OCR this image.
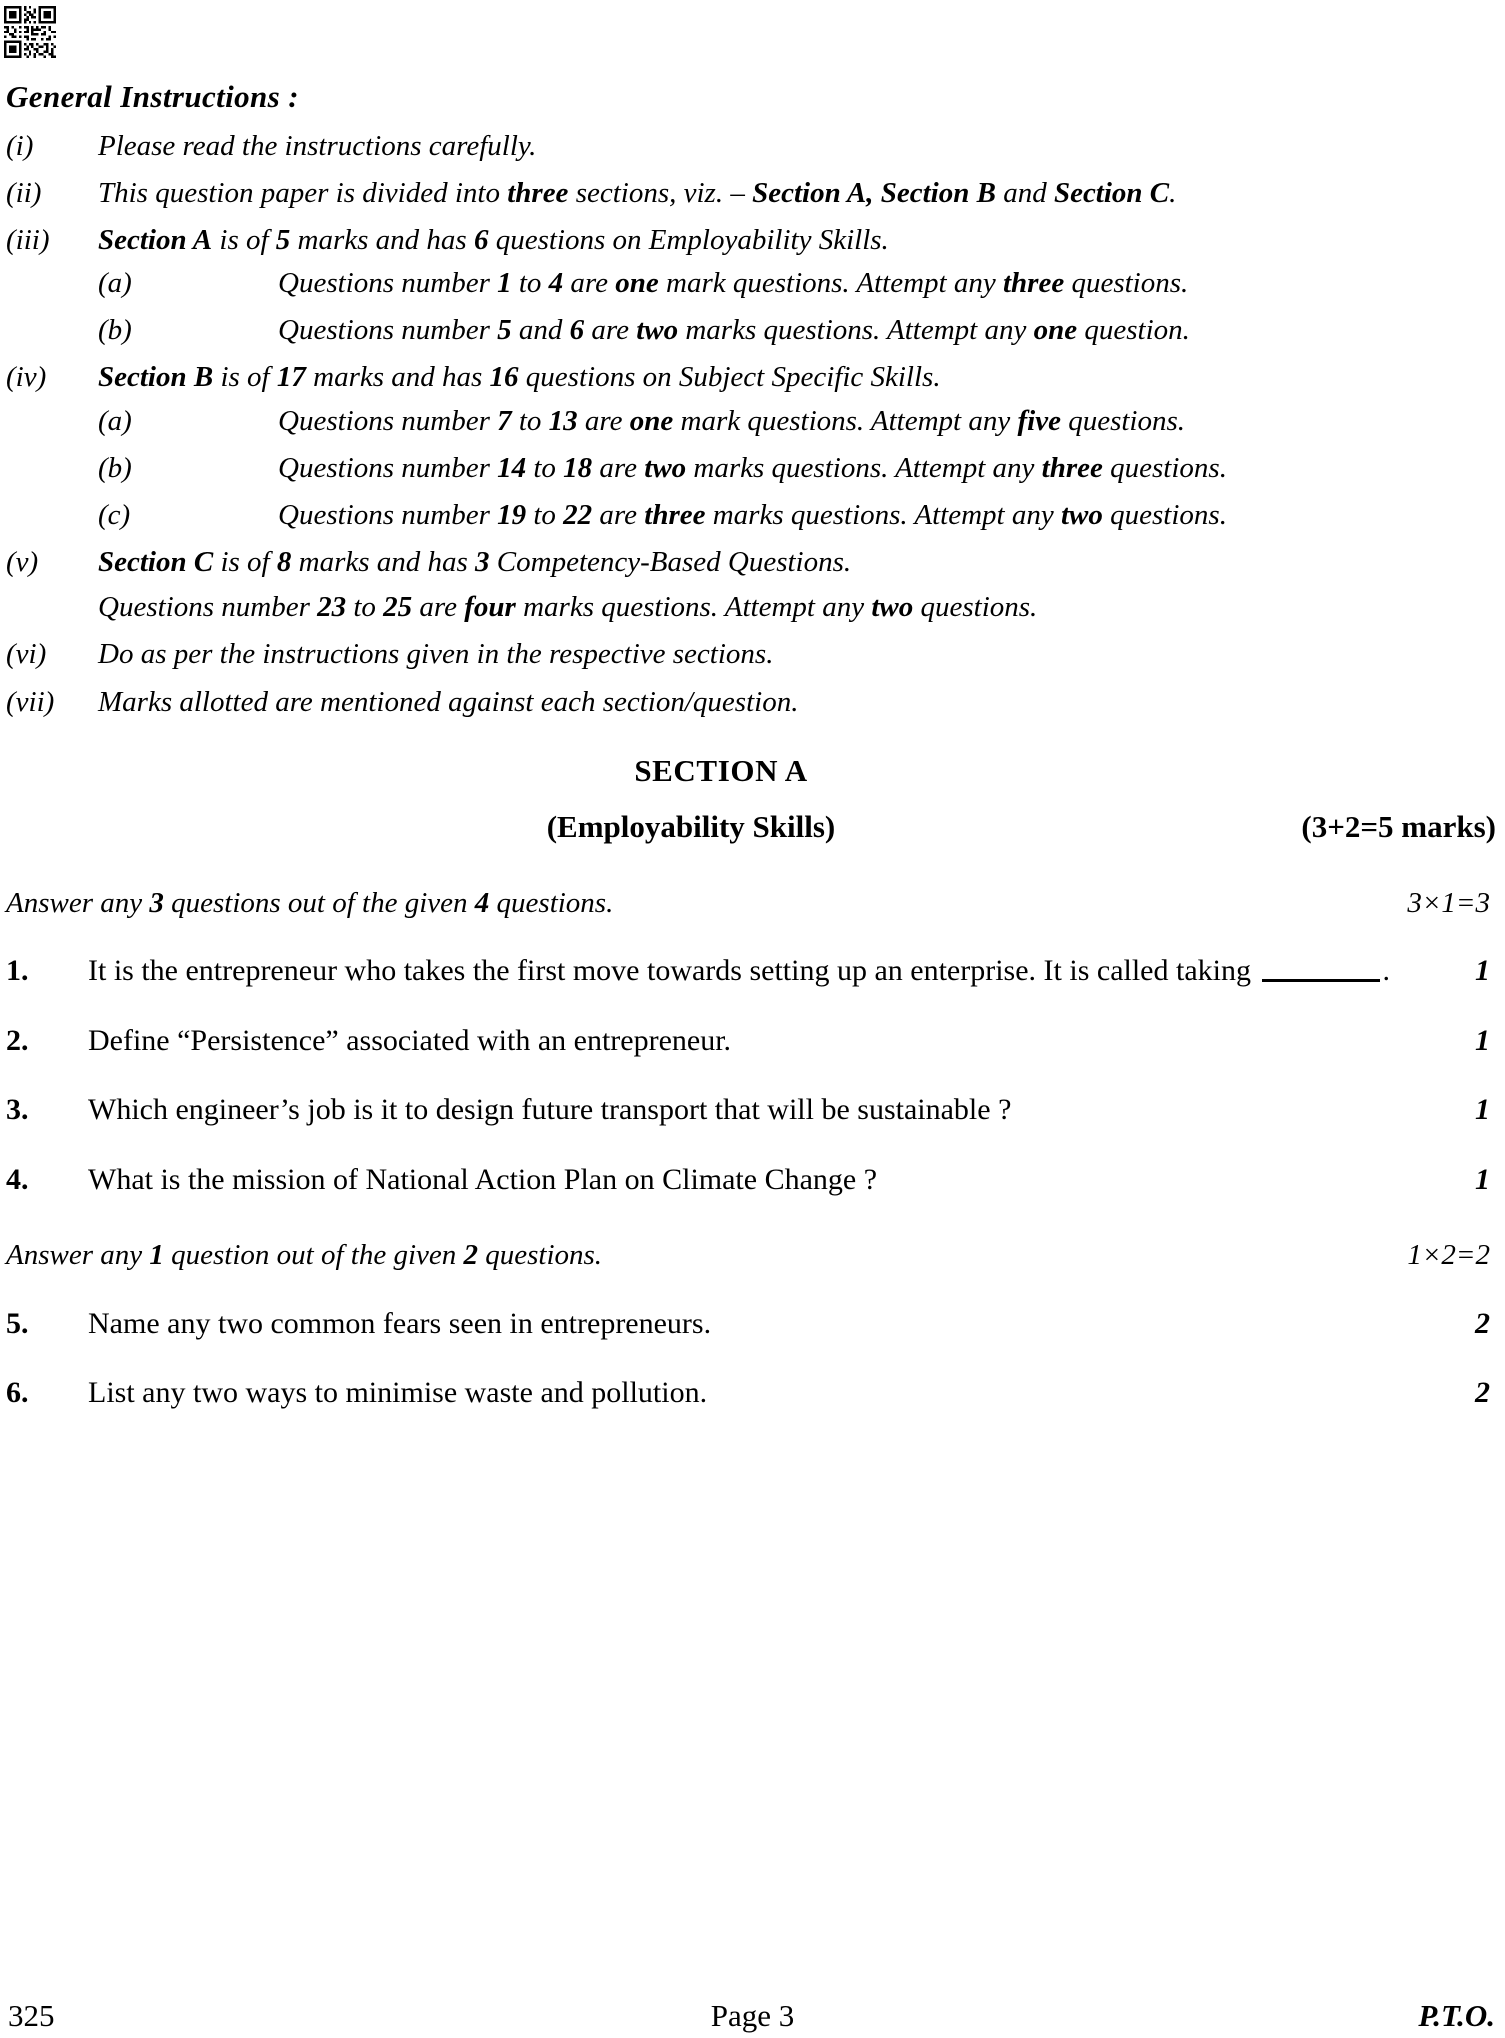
General Instructions :
(i)	Please read the instructions carefully.
(ii)	This question paper is divided into three sections, viz. – Section A, Section B and Section C.
(iii)	Section A is of 5 marks and has 6 questions on Employability Skills.
(a)	Questions number 1 to 4 are one mark questions. Attempt any three questions.
(b)	Questions number 5 and 6 are two marks questions. Attempt any one question.
(iv)	Section B is of 17 marks and has 16 questions on Subject Specific Skills.
(a)	Questions number 7 to 13 are one mark questions. Attempt any five questions.
(b)	Questions number 14 to 18 are two marks questions. Attempt any three questions.
(c)	Questions number 19 to 22 are three marks questions. Attempt any two questions.
(v)	Section C is of 8 marks and has 3 Competency-Based Questions.
Questions number 23 to 25 are four marks questions. Attempt any two questions.
(vi)	Do as per the instructions given in the respective sections.
(vii)	Marks allotted are mentioned against each section/question.
SECTION A
(Employability Skills)	(3+2=5 marks)
Answer any 3 questions out of the given 4 questions.	3×1=3
1.	It is the entrepreneur who takes the first move towards setting up an enterprise. It is called taking	.	1
2.	Define “Persistence” associated with an entrepreneur.	1
3.	Which engineer’s job is it to design future transport that will be sustainable ?	1
4.	What is the mission of National Action Plan on Climate Change ?	1
Answer any 1 question out of the given 2 questions.	1×2=2
5.	Name any two common fears seen in entrepreneurs.	2
6.	List any two ways to minimise waste and pollution.	2
325	Page 3	P.T.O.
